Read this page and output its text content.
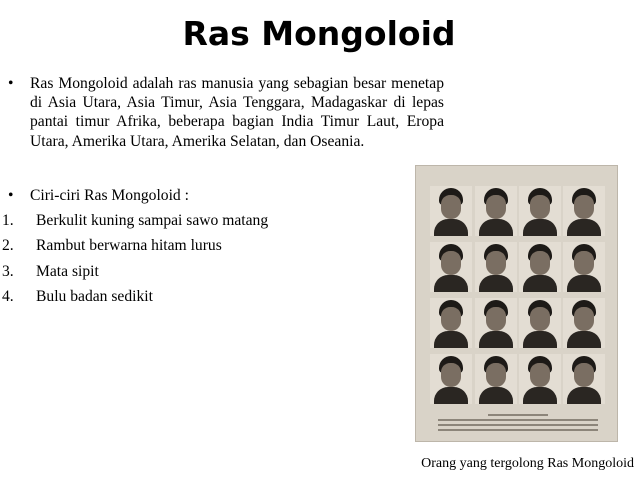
Ras Mongoloid
• Ras Mongoloid adalah ras manusia yang sebagian besar menetap di Asia Utara, Asia Timur, Asia Tenggara, Madagaskar di lepas pantai timur Afrika, beberapa bagian India Timur Laut, Eropa Utara, Amerika Utara, Amerika Selatan, dan Oseania.
• Ciri-ciri Ras Mongoloid :
1. Berkulit kuning sampai sawo matang
2. Rambut berwarna hitam lurus
3. Mata sipit
4. Bulu badan sedikit
Orang yang tergolong Ras Mongoloid
